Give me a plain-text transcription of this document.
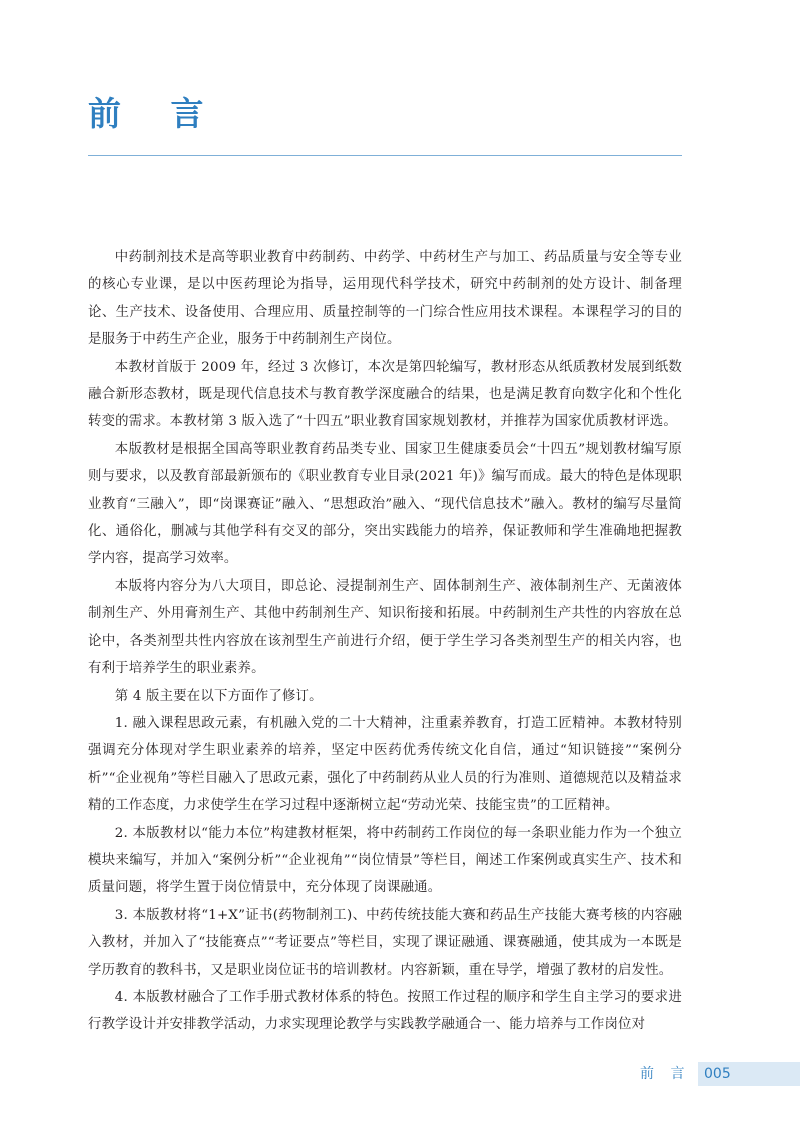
前 言

中药制剂技术是高等职业教育中药制药、中药学、中药材生产与加工、药品质量与安全等专业的核心专业课，是以中医药理论为指导，运用现代科学技术，研究中药制剂的处方设计、制备理论、生产技术、设备使用、合理应用、质量控制等的一门综合性应用技术课程。本课程学习的目的是服务于中药生产企业，服务于中药制剂生产岗位。

本教材首版于 2009 年，经过 3 次修订，本次是第四轮编写，教材形态从纸质教材发展到纸数融合新形态教材，既是现代信息技术与教育教学深度融合的结果，也是满足教育向数字化和个性化转变的需求。本教材第 3 版入选了“十四五”职业教育国家规划教材，并推荐为国家优质教材评选。

本版教材是根据全国高等职业教育药品类专业、国家卫生健康委员会“十四五”规划教材编写原则与要求，以及教育部最新颁布的《职业教育专业目录(2021 年)》编写而成。最大的特色是体现职业教育“三融入”，即“岗课赛证”融入、“思想政治”融入、“现代信息技术”融入。教材的编写尽量简化、通俗化，删减与其他学科有交叉的部分，突出实践能力的培养，保证教师和学生准确地把握教学内容，提高学习效率。

本版将内容分为八大项目，即总论、浸提制剂生产、固体制剂生产、液体制剂生产、无菌液体制剂生产、外用膏剂生产、其他中药制剂生产、知识衔接和拓展。中药制剂生产共性的内容放在总论中，各类剂型共性内容放在该剂型生产前进行介绍，便于学生学习各类剂型生产的相关内容，也有利于培养学生的职业素养。

第 4 版主要在以下方面作了修订。

1. 融入课程思政元素，有机融入党的二十大精神，注重素养教育，打造工匠精神。本教材特别强调充分体现对学生职业素养的培养，坚定中医药优秀传统文化自信，通过“知识链接”“案例分析”“企业视角”等栏目融入了思政元素，强化了中药制药从业人员的行为准则、道德规范以及精益求精的工作态度，力求使学生在学习过程中逐渐树立起“劳动光荣、技能宝贵”的工匠精神。

2. 本版教材以“能力本位”构建教材框架，将中药制药工作岗位的每一条职业能力作为一个独立模块来编写，并加入“案例分析”“企业视角”“岗位情景”等栏目，阐述工作案例或真实生产、技术和质量问题，将学生置于岗位情景中，充分体现了岗课融通。

3. 本版教材将“1+X”证书(药物制剂工)、中药传统技能大赛和药品生产技能大赛考核的内容融入教材，并加入了“技能赛点”“考证要点”等栏目，实现了课证融通、课赛融通，使其成为一本既是学历教育的教科书，又是职业岗位证书的培训教材。内容新颖，重在导学，增强了教材的启发性。

4. 本版教材融合了工作手册式教材体系的特色。按照工作过程的顺序和学生自主学习的要求进行教学设计并安排教学活动，力求实现理论教学与实践教学融通合一、能力培养与工作岗位对

前 言 005
